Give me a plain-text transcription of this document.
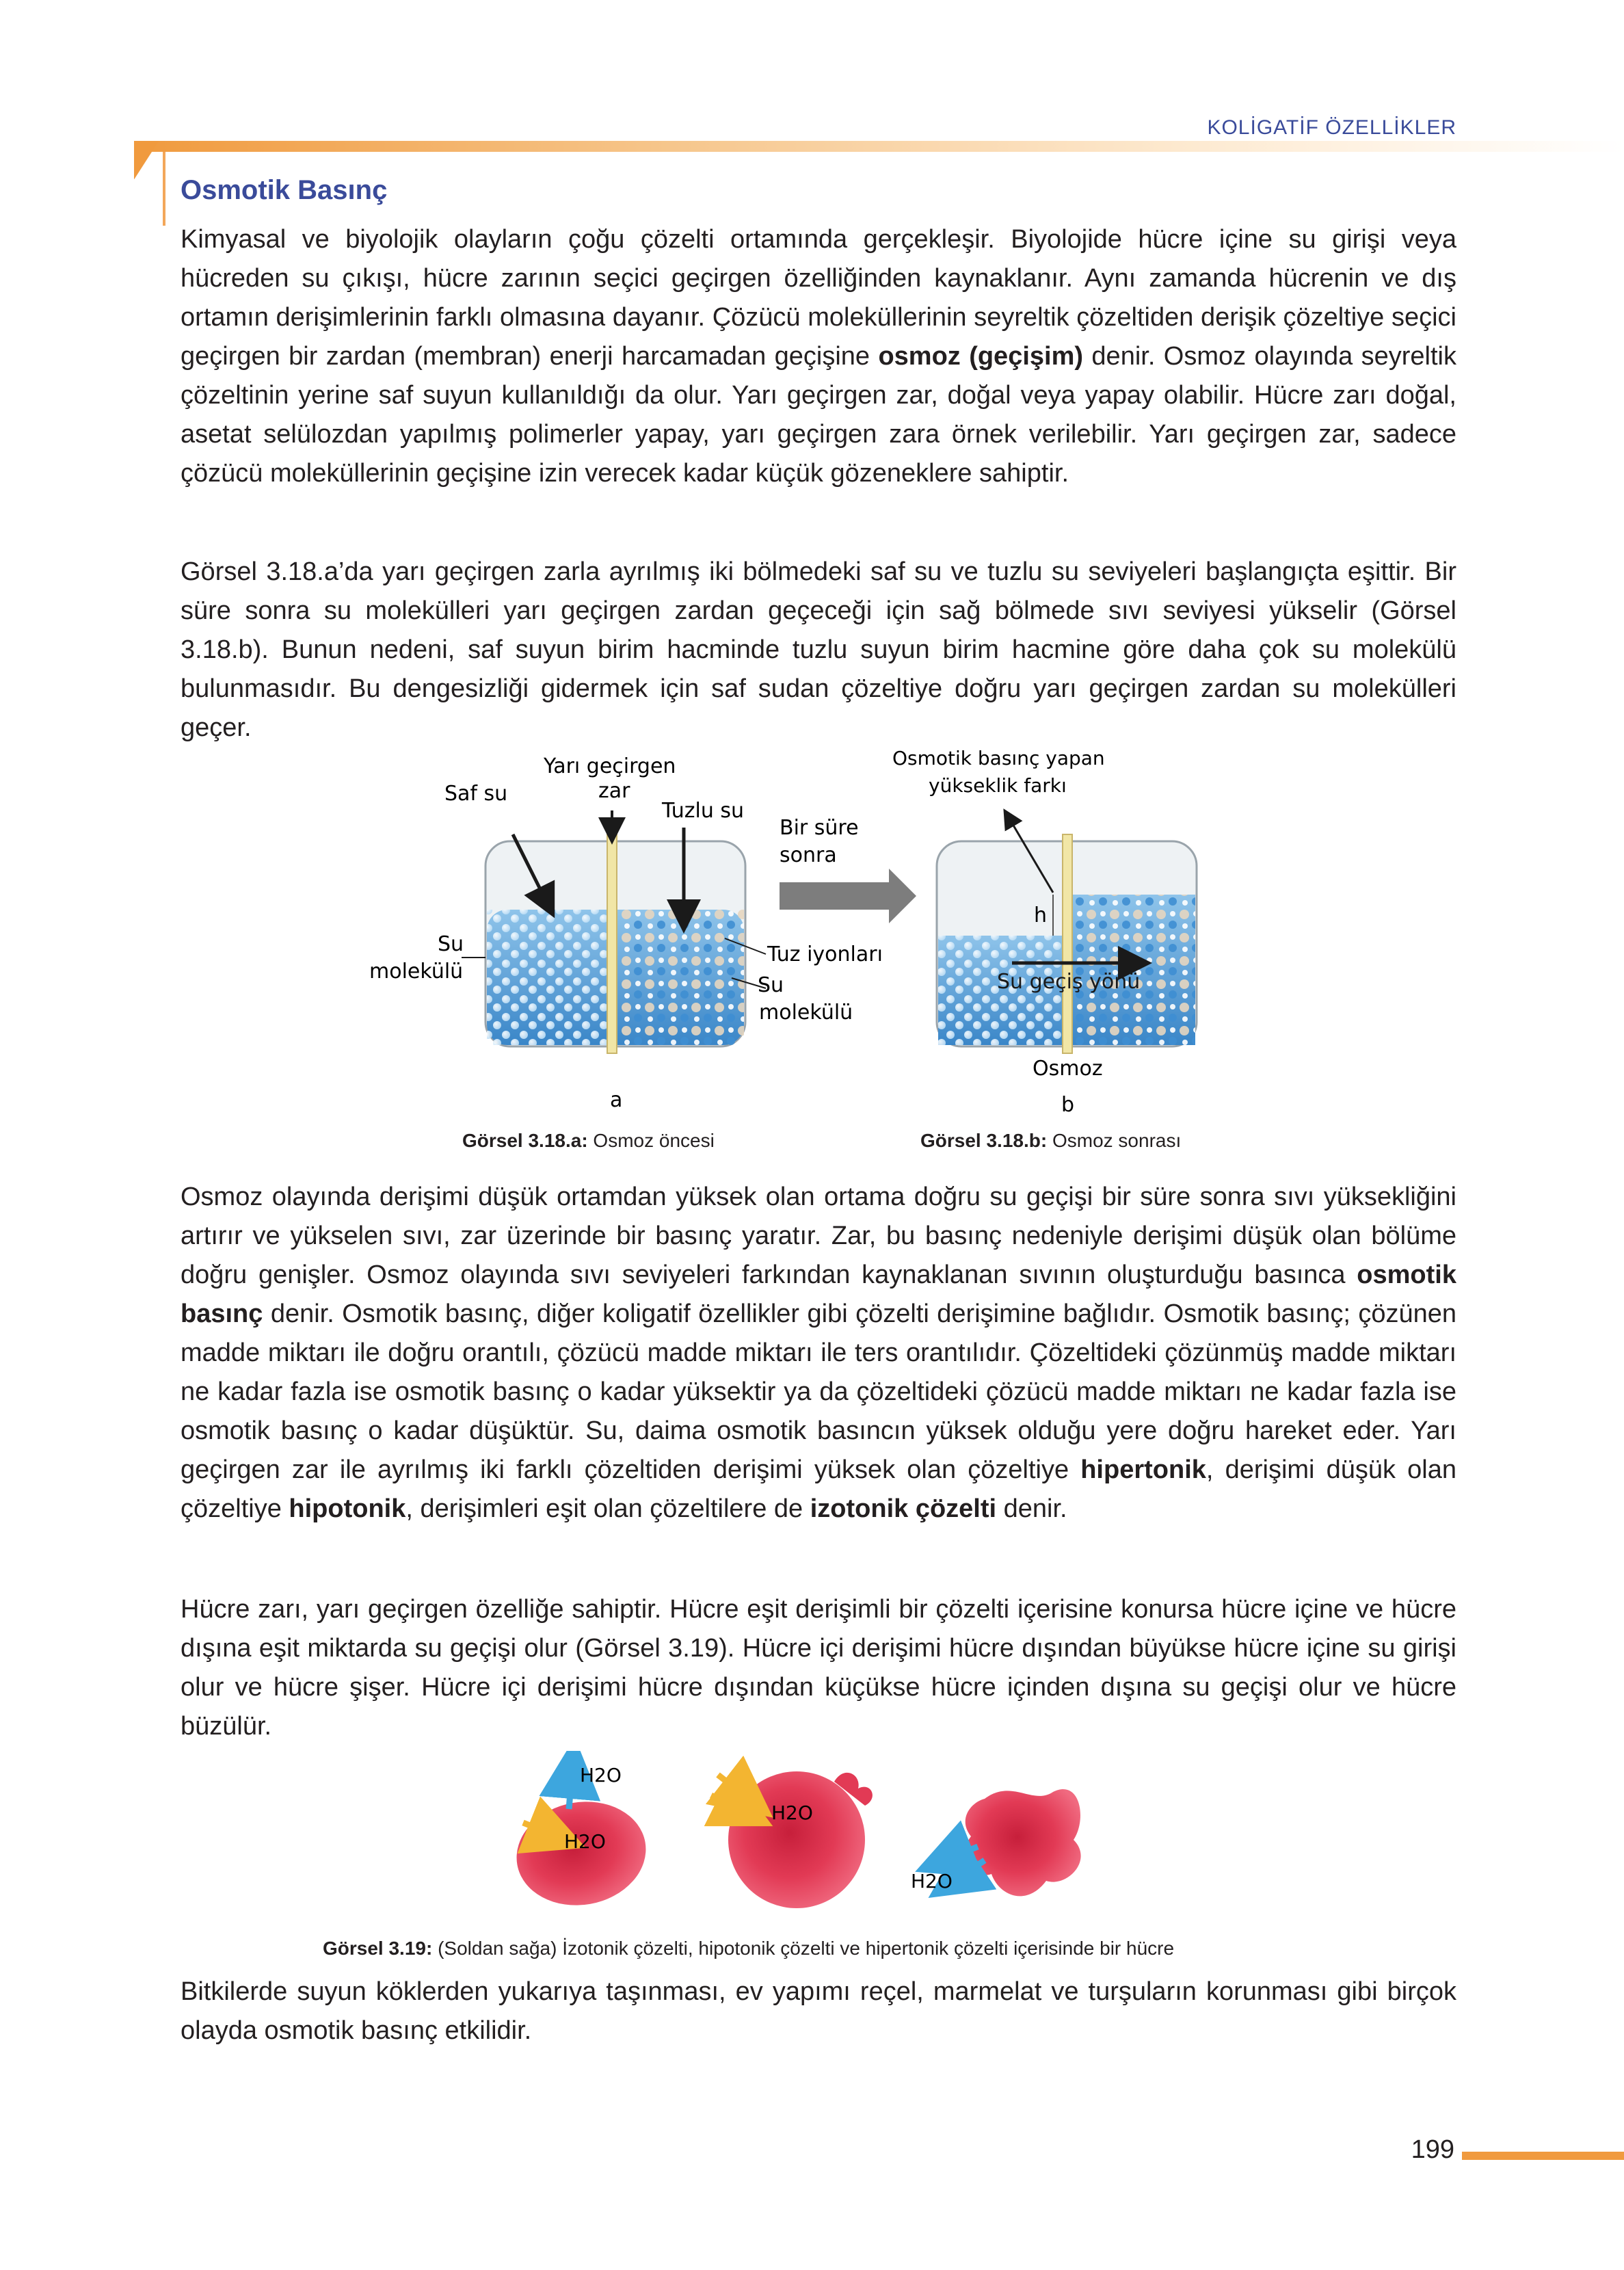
KOLİGATİF ÖZELLİKLER
Osmotik Basınç

Kimyasal ve biyolojik olayların çoğu çözelti ortamında gerçekleşir. Biyolojide hücre içine su girişi veya hücreden su çıkışı, hücre zarının seçici geçirgen özelliğinden kaynaklanır. Aynı zamanda hücrenin ve dış ortamın derişimlerinin farklı olmasına dayanır. Çözücü moleküllerinin seyreltik çözeltiden derişik çözeltiye seçici geçirgen bir zardan (membran) enerji harcamadan geçişine osmoz (geçişim) denir. Osmoz olayında seyreltik çözeltinin yerine saf suyun kullanıldığı da olur. Yarı geçirgen zar, doğal veya yapay olabilir. Hücre zarı doğal, asetat selülozdan yapılmış polimerler yapay, yarı geçirgen zara örnek verilebilir. Yarı geçirgen zar, sadece çözücü moleküllerinin geçişine izin verecek kadar küçük gözeneklere sahiptir.

Görsel 3.18.a’da yarı geçirgen zarla ayrılmış iki bölmedeki saf su ve tuzlu su seviyeleri başlangıçta eşittir. Bir süre sonra su molekülleri yarı geçirgen zardan geçeceği için sağ bölmede sıvı seviyesi yükselir (Görsel 3.18.b). Bunun nedeni, saf suyun birim hacminde tuzlu suyun birim hacmine göre daha çok su molekülü bulunmasıdır. Bu dengesizliği gidermek için saf sudan çözeltiye doğru yarı geçirgen zardan su molekülleri geçer.

Saf su
Yarı geçirgen
zar
Tuzlu su
Su
molekülü
Tuz iyonları
Su
molekülü
Bir süre
sonra
Osmotik basınç yapan
yükseklik farkı
h
Su geçiş yönü
Osmoz
a	b
Görsel 3.18.a: Osmoz öncesi	Görsel 3.18.b: Osmoz sonrası

Osmoz olayında derişimi düşük ortamdan yüksek olan ortama doğru su geçişi bir süre sonra sıvı yüksekliğini artırır ve yükselen sıvı, zar üzerinde bir basınç yaratır. Zar, bu basınç nedeniyle derişimi düşük olan bölüme doğru genişler. Osmoz olayında sıvı seviyeleri farkından kaynaklanan sıvının oluşturduğu basınca osmotik basınç denir. Osmotik basınç, diğer koligatif özellikler gibi çözelti derişimine bağlıdır. Osmotik basınç; çözünen madde miktarı ile doğru orantılı, çözücü madde miktarı ile ters orantılıdır. Çözeltideki çözünmüş madde miktarı ne kadar fazla ise osmotik basınç o kadar yüksektir ya da çözeltideki çözücü madde miktarı ne kadar fazla ise osmotik basınç o kadar düşüktür. Su, daima osmotik basıncın yüksek olduğu yere doğru hareket eder. Yarı geçirgen zar ile ayrılmış iki farklı çözeltiden derişimi yüksek olan çözeltiye hipertonik, derişimi düşük olan çözeltiye hipotonik, derişimleri eşit olan çözeltilere de izotonik çözelti denir.

Hücre zarı, yarı geçirgen özelliğe sahiptir. Hücre eşit derişimli bir çözelti içerisine konursa hücre içine ve hücre dışına eşit miktarda su geçişi olur (Görsel 3.19). Hücre içi derişimi hücre dışından büyükse hücre içine su girişi olur ve hücre şişer. Hücre içi derişimi hücre dışından küçükse hücre içinden dışına su geçişi olur ve hücre büzülür.

H2O
H2O
H2O
H2O
Görsel 3.19: (Soldan sağa) İzotonik çözelti, hipotonik çözelti ve hipertonik çözelti içerisinde bir hücre

Bitkilerde suyun köklerden yukarıya taşınması, ev yapımı reçel, marmelat ve turşuların korunması gibi birçok olayda osmotik basınç etkilidir.

199
